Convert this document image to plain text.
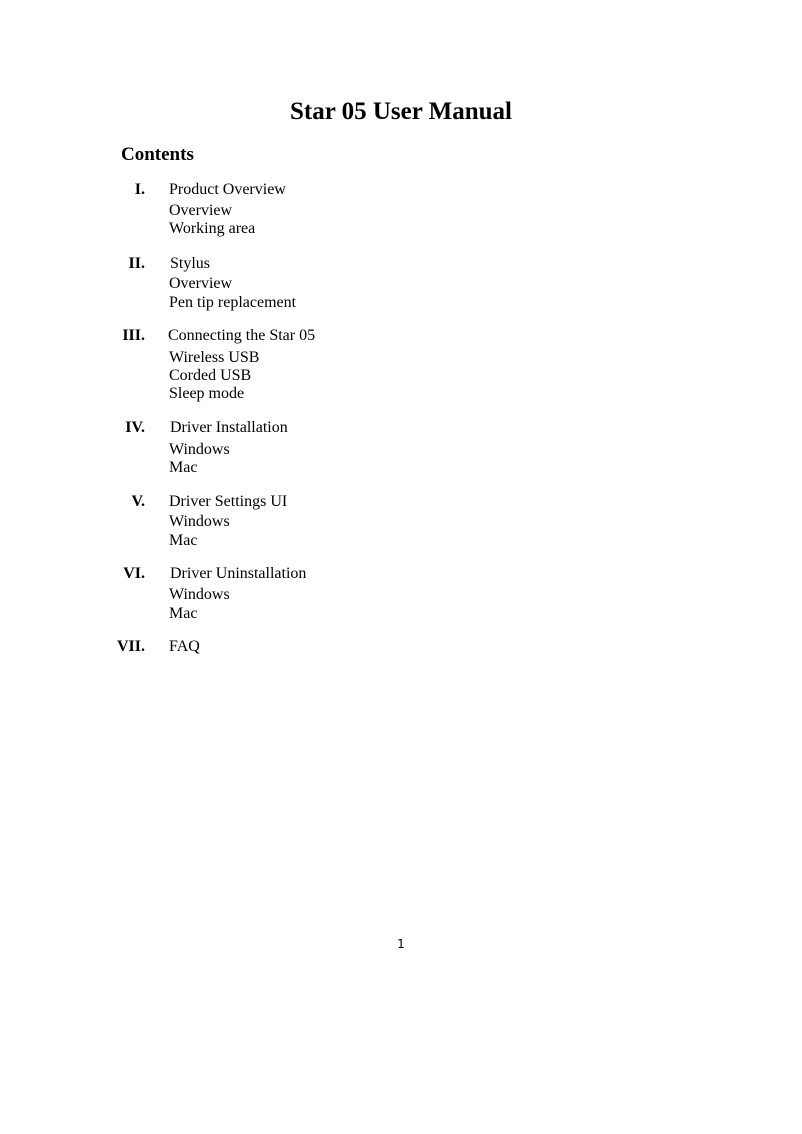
Star 05 User Manual
Contents
I. Product Overview
Overview
Working area
II. Stylus
Overview
Pen tip replacement
III. Connecting the Star 05
Wireless USB
Corded USB
Sleep mode
IV. Driver Installation
Windows
Mac
V. Driver Settings UI
Windows
Mac
VI. Driver Uninstallation
Windows
Mac
VII. FAQ
1
